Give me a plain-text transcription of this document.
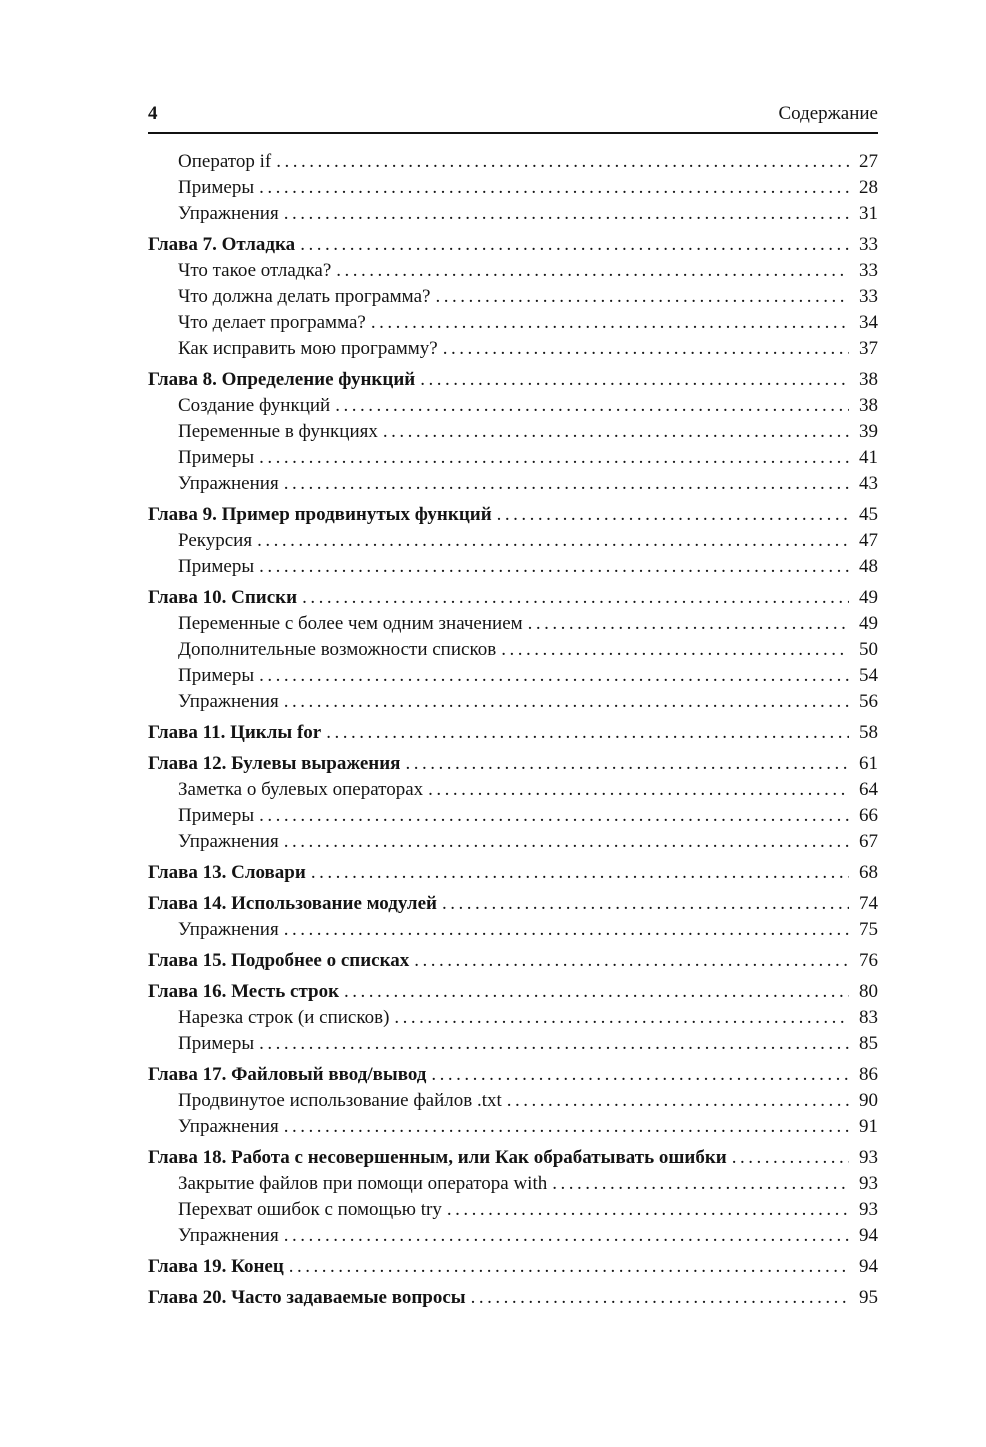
4	Содержание
Оператор if .....	27
Примеры .....	28
Упражнения .....	31
Глава 7. Отладка .....	33
Что такое отладка? .....	33
Что должна делать программа? .....	33
Что делает программа? .....	34
Как исправить мою программу? .....	37
Глава 8. Определение функций .....	38
Создание функций .....	38
Переменные в функциях .....	39
Примеры .....	41
Упражнения .....	43
Глава 9. Пример продвинутых функций .....	45
Рекурсия .....	47
Примеры .....	48
Глава 10. Списки .....	49
Переменные с более чем одним значением .....	49
Дополнительные возможности списков .....	50
Примеры .....	54
Упражнения .....	56
Глава 11. Циклы for .....	58
Глава 12. Булевы выражения .....	61
Заметка о булевых операторах .....	64
Примеры .....	66
Упражнения .....	67
Глава 13. Словари .....	68
Глава 14. Использование модулей .....	74
Упражнения .....	75
Глава 15. Подробнее о списках .....	76
Глава 16. Месть строк .....	80
Нарезка строк (и списков) .....	83
Примеры .....	85
Глава 17. Файловый ввод/вывод .....	86
Продвинутое использование файлов .txt .....	90
Упражнения .....	91
Глава 18. Работа с несовершенным, или Как обрабатывать ошибки .....	93
Закрытие файлов при помощи оператора with .....	93
Перехват ошибок с помощью try .....	93
Упражнения .....	94
Глава 19. Конец .....	94
Глава 20. Часто задаваемые вопросы .....	95
